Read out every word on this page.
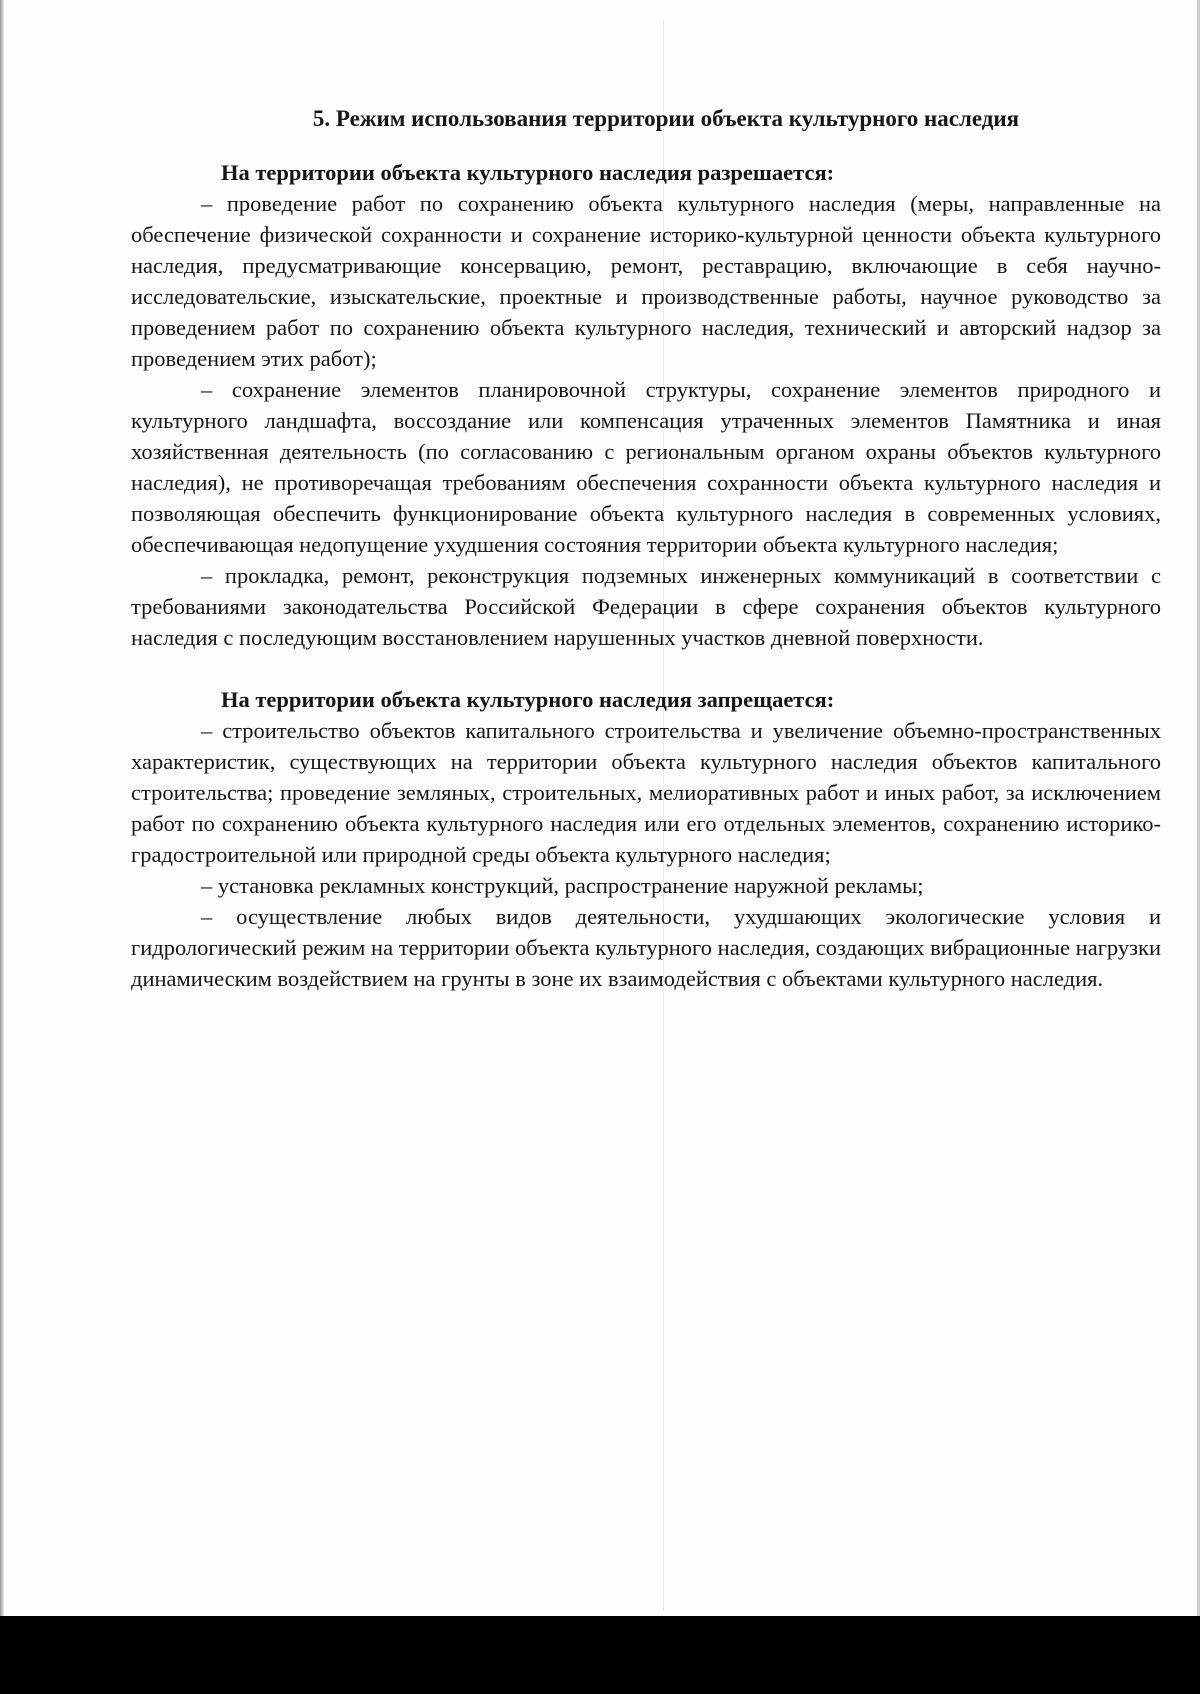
5. Режим использования территории объекта культурного наследия
На территории объекта культурного наследия разрешается:

– проведение работ по сохранению объекта культурного наследия (меры, направленные на обеспечение физической сохранности и сохранение историко-культурной ценности объекта культурного наследия, предусматривающие консервацию, ремонт, реставрацию, включающие в себя научно-исследовательские, изыскательские, проектные и производственные работы, научное руководство за проведением работ по сохранению объекта культурного наследия, технический и авторский надзор за проведением этих работ);

– сохранение элементов планировочной структуры, сохранение элементов природного и культурного ландшафта, воссоздание или компенсация утраченных элементов Памятника и иная хозяйственная деятельность (по согласованию с региональным органом охраны объектов культурного наследия), не противоречащая требованиям обеспечения сохранности объекта культурного наследия и позволяющая обеспечить функционирование объекта культурного наследия в современных условиях, обеспечивающая недопущение ухудшения состояния территории объекта культурного наследия;

– прокладка, ремонт, реконструкция подземных инженерных коммуникаций в соответствии с требованиями законодательства Российской Федерации в сфере сохранения объектов культурного наследия с последующим восстановлением нарушенных участков дневной поверхности.

На территории объекта культурного наследия запрещается:

– строительство объектов капитального строительства и увеличение объемно-пространственных характеристик, существующих на территории объекта культурного наследия объектов капитального строительства; проведение земляных, строительных, мелиоративных работ и иных работ, за исключением работ по сохранению объекта культурного наследия или его отдельных элементов, сохранению историко-градостроительной или природной среды объекта культурного наследия;

– установка рекламных конструкций, распространение наружной рекламы;

– осуществление любых видов деятельности, ухудшающих экологические условия и гидрологический режим на территории объекта культурного наследия, создающих вибрационные нагрузки динамическим воздействием на грунты в зоне их взаимодействия с объектами культурного наследия.
